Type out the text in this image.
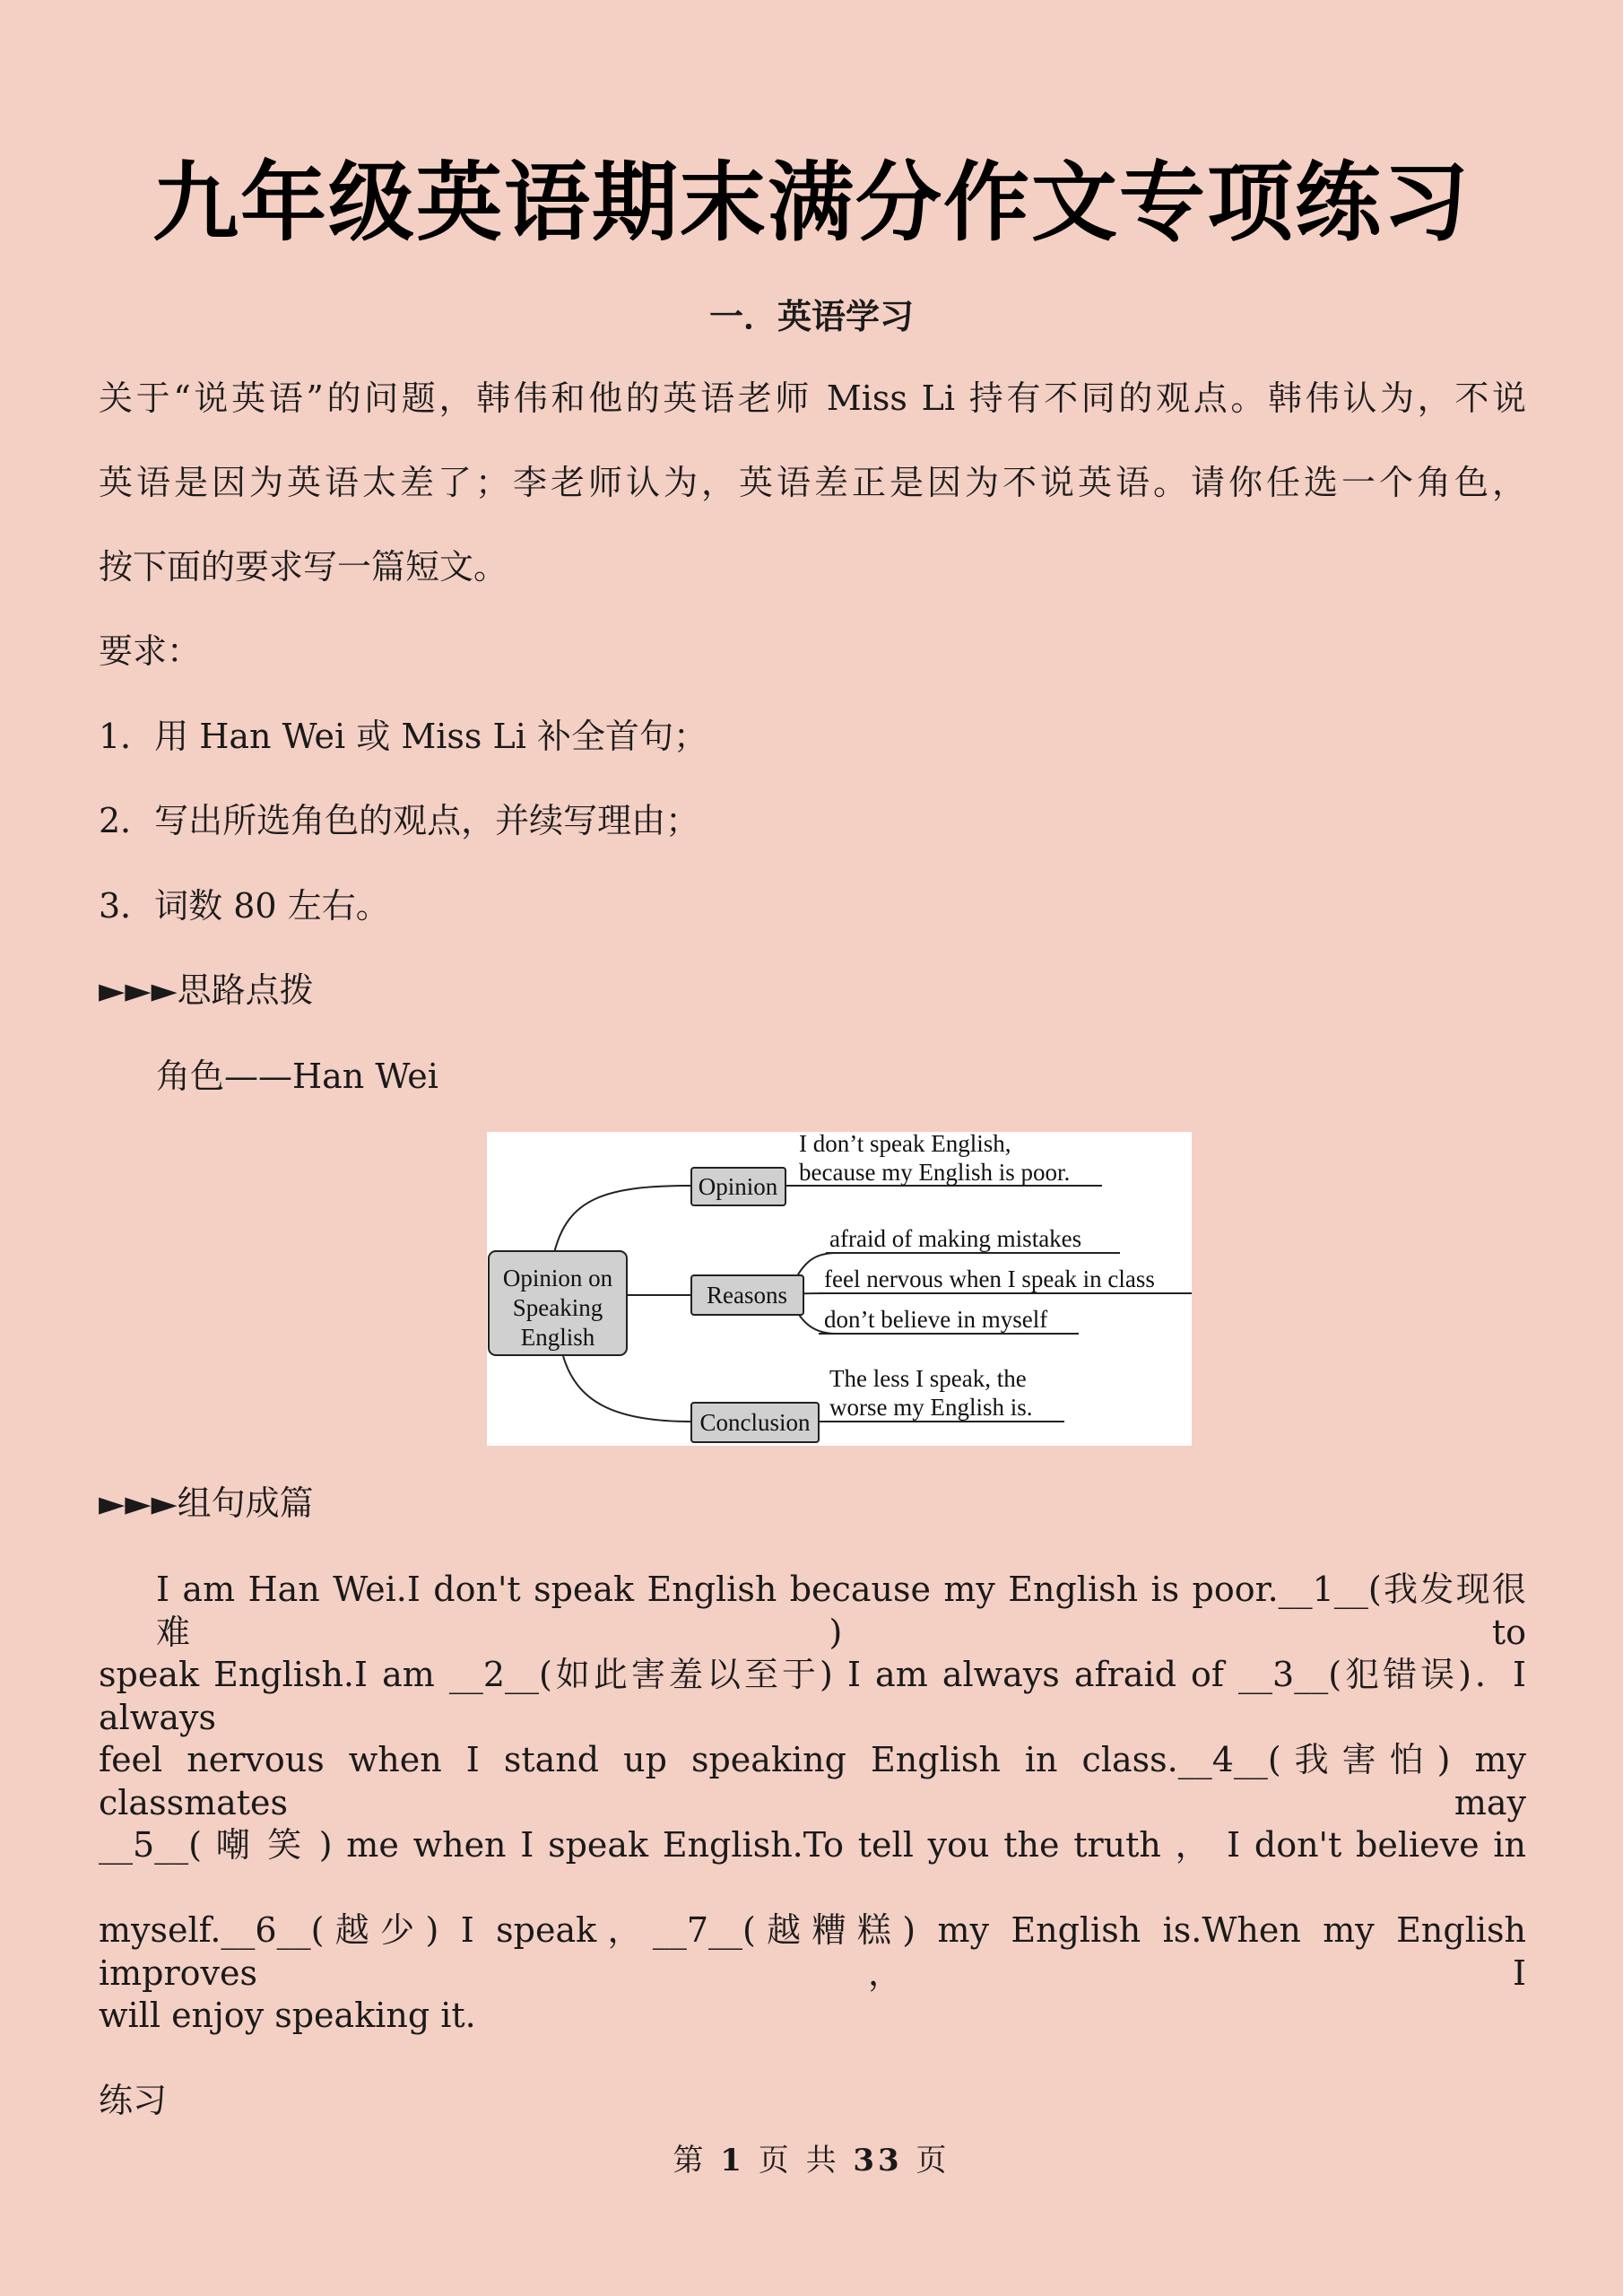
九年级英语期末满分作文专项练习
一．英语学习
关于“说英语”的问题，韩伟和他的英语老师 Miss Li 持有不同的观点。韩伟认为，不说
英语是因为英语太差了；李老师认为，英语差正是因为不说英语。请你任选一个角色，
按下面的要求写一篇短文。
要求：
1．用 Han Wei 或 Miss Li 补全首句；
2．写出所选角色的观点，并续写理由；
3．词数 80 左右。
►►►思路点拨
角色——Han Wei
Opinion on
Speaking
English
Opinion
Reasons
Conclusion
I don’t speak English,
because my English is poor.
afraid of making mistakes
feel nervous when I speak in class
don’t believe in myself
The less I speak, the
worse my English is.
►►►组句成篇
I am Han Wei.I don't speak English because my English is poor.__1__(我发现很难) to
speak English.I am __2__(如此害羞以至于) I am always afraid of __3__(犯错误)．I always
feel nervous when I stand up speaking English in class.__4__(我害怕) my classmates may
__5__( 嘲 笑 ) me when I speak English.To tell you the truth ， I don't believe in
myself.__6__(越少) I speak，__7__(越糟糕) my English is.When my English improves，I
will enjoy speaking it.
练习
第 1 页 共 33 页
